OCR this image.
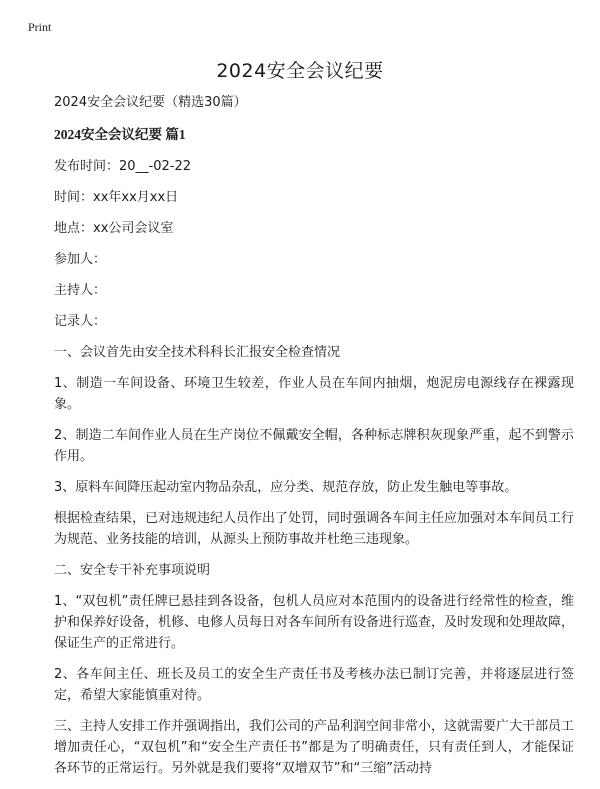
Print
2024安全会议纪要

2024安全会议纪要（精选30篇）

2024安全会议纪要 篇1

发布时间：20__-02-22

时间：xx年xx月xx日

地点：xx公司会议室

参加人：

主持人：

记录人：

一、会议首先由安全技术科科长汇报安全检查情况

1、制造一车间设备、环境卫生较差，作业人员在车间内抽烟，炮泥房电源线存在裸露现象。

2、制造二车间作业人员在生产岗位不佩戴安全帽，各种标志牌积灰现象严重，起不到警示作用。

3、原料车间降压起动室内物品杂乱，应分类、规范存放，防止发生触电等事故。

根据检查结果，已对违规违纪人员作出了处罚，同时强调各车间主任应加强对本车间员工行为规范、业务技能的培训，从源头上预防事故并杜绝三违现象。

二、安全专干补充事项说明

1、“双包机”责任牌已悬挂到各设备，包机人员应对本范围内的设备进行经常性的检查，维护和保养好设备，机修、电修人员每日对各车间所有设备进行巡查，及时发现和处理故障，保证生产的正常进行。

2、各车间主任、班长及员工的安全生产责任书及考核办法已制订完善，并将逐层进行签定，希望大家能慎重对待。

三、主持人安排工作并强调指出，我们公司的产品利润空间非常小，这就需要广大干部员工增加责任心，“双包机”和“安全生产责任书”都是为了明确责任，只有责任到人，才能保证各环节的正常运行。另外就是我们要将“双增双节”和“三缩”活动持
